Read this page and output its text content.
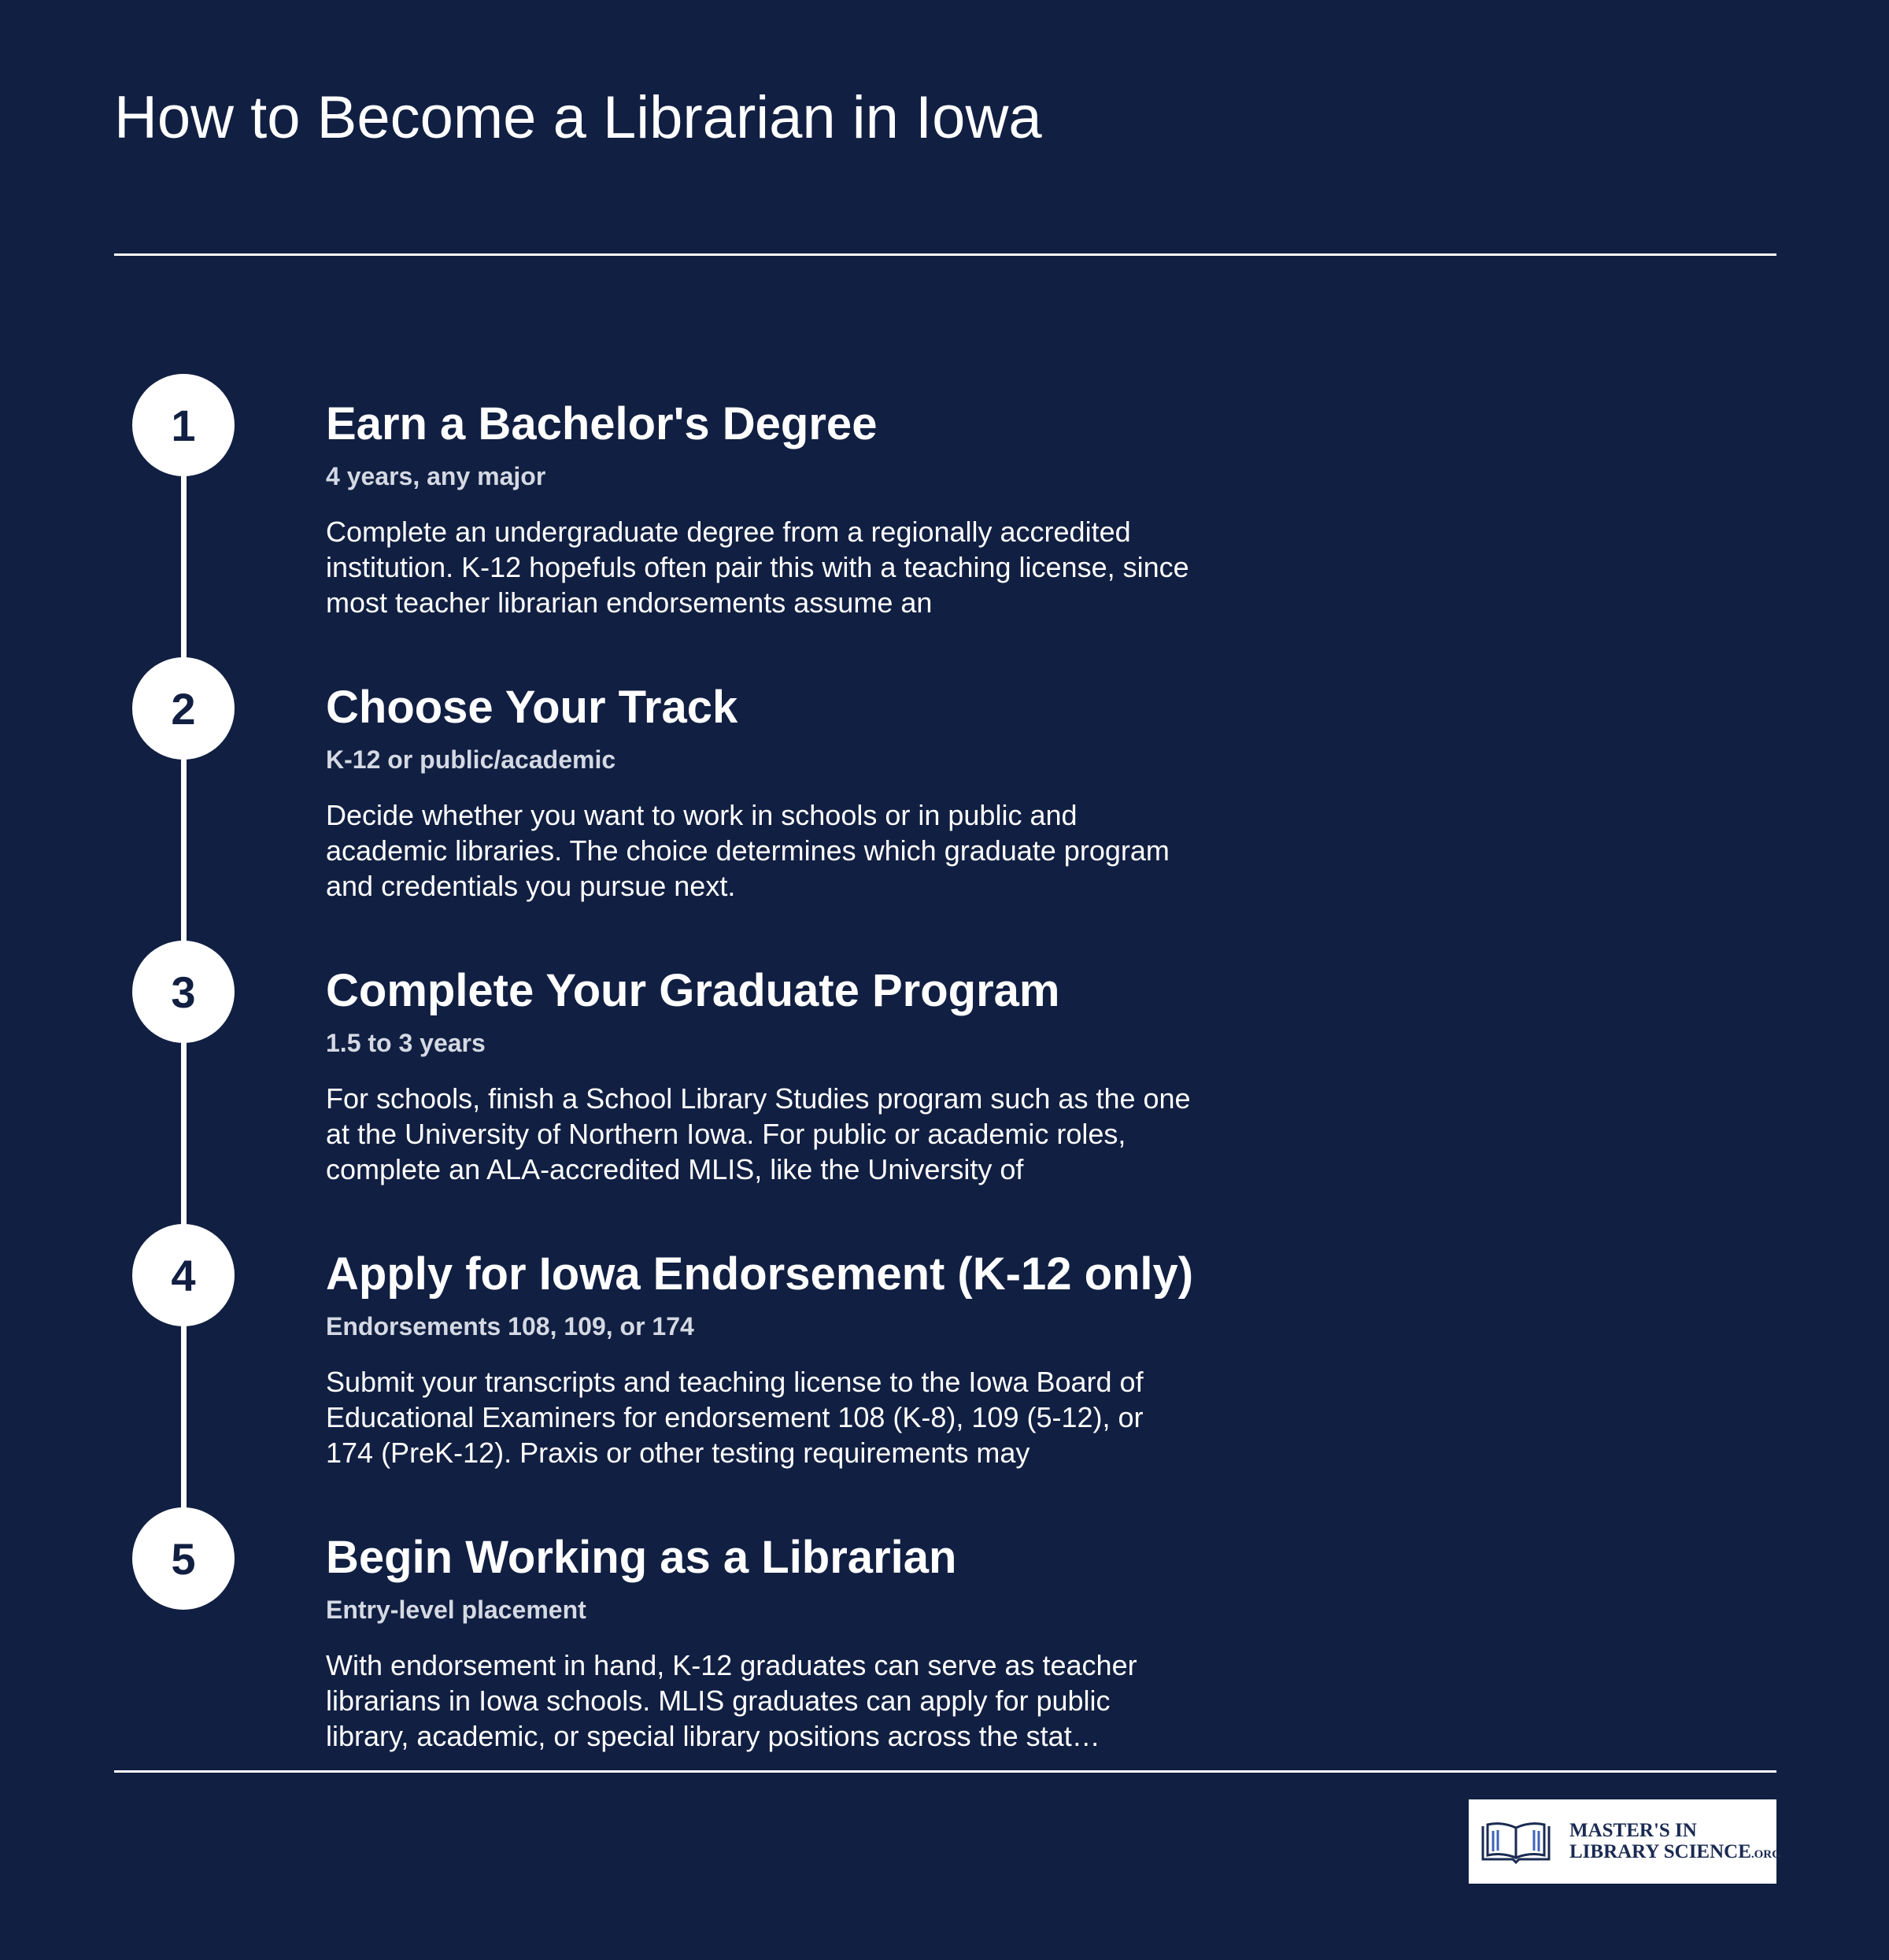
How to Become a Librarian in Iowa
1	Earn a Bachelor's Degree
4 years, any major

Complete an undergraduate degree from a regionally accredited institution. K-12 hopefuls often pair this with a teaching license, since most teacher librarian endorsements assume an

2	Choose Your Track
K-12 or public/academic

Decide whether you want to work in schools or in public and academic libraries. The choice determines which graduate program and credentials you pursue next.

3	Complete Your Graduate Program
1.5 to 3 years

For schools, finish a School Library Studies program such as the one at the University of Northern Iowa. For public or academic roles, complete an ALA-accredited MLIS, like the University of

4	Apply for Iowa Endorsement (K-12 only)
Endorsements 108, 109, or 174

Submit your transcripts and teaching license to the Iowa Board of Educational Examiners for endorsement 108 (K-8), 109 (5-12), or 174 (PreK-12). Praxis or other testing requirements may

5	Begin Working as a Librarian
Entry-level placement

With endorsement in hand, K-12 graduates can serve as teacher librarians in Iowa schools. MLIS graduates can apply for public library, academic, or special library positions across the stat…

MASTER'S IN
LIBRARY SCIENCE.ORG
